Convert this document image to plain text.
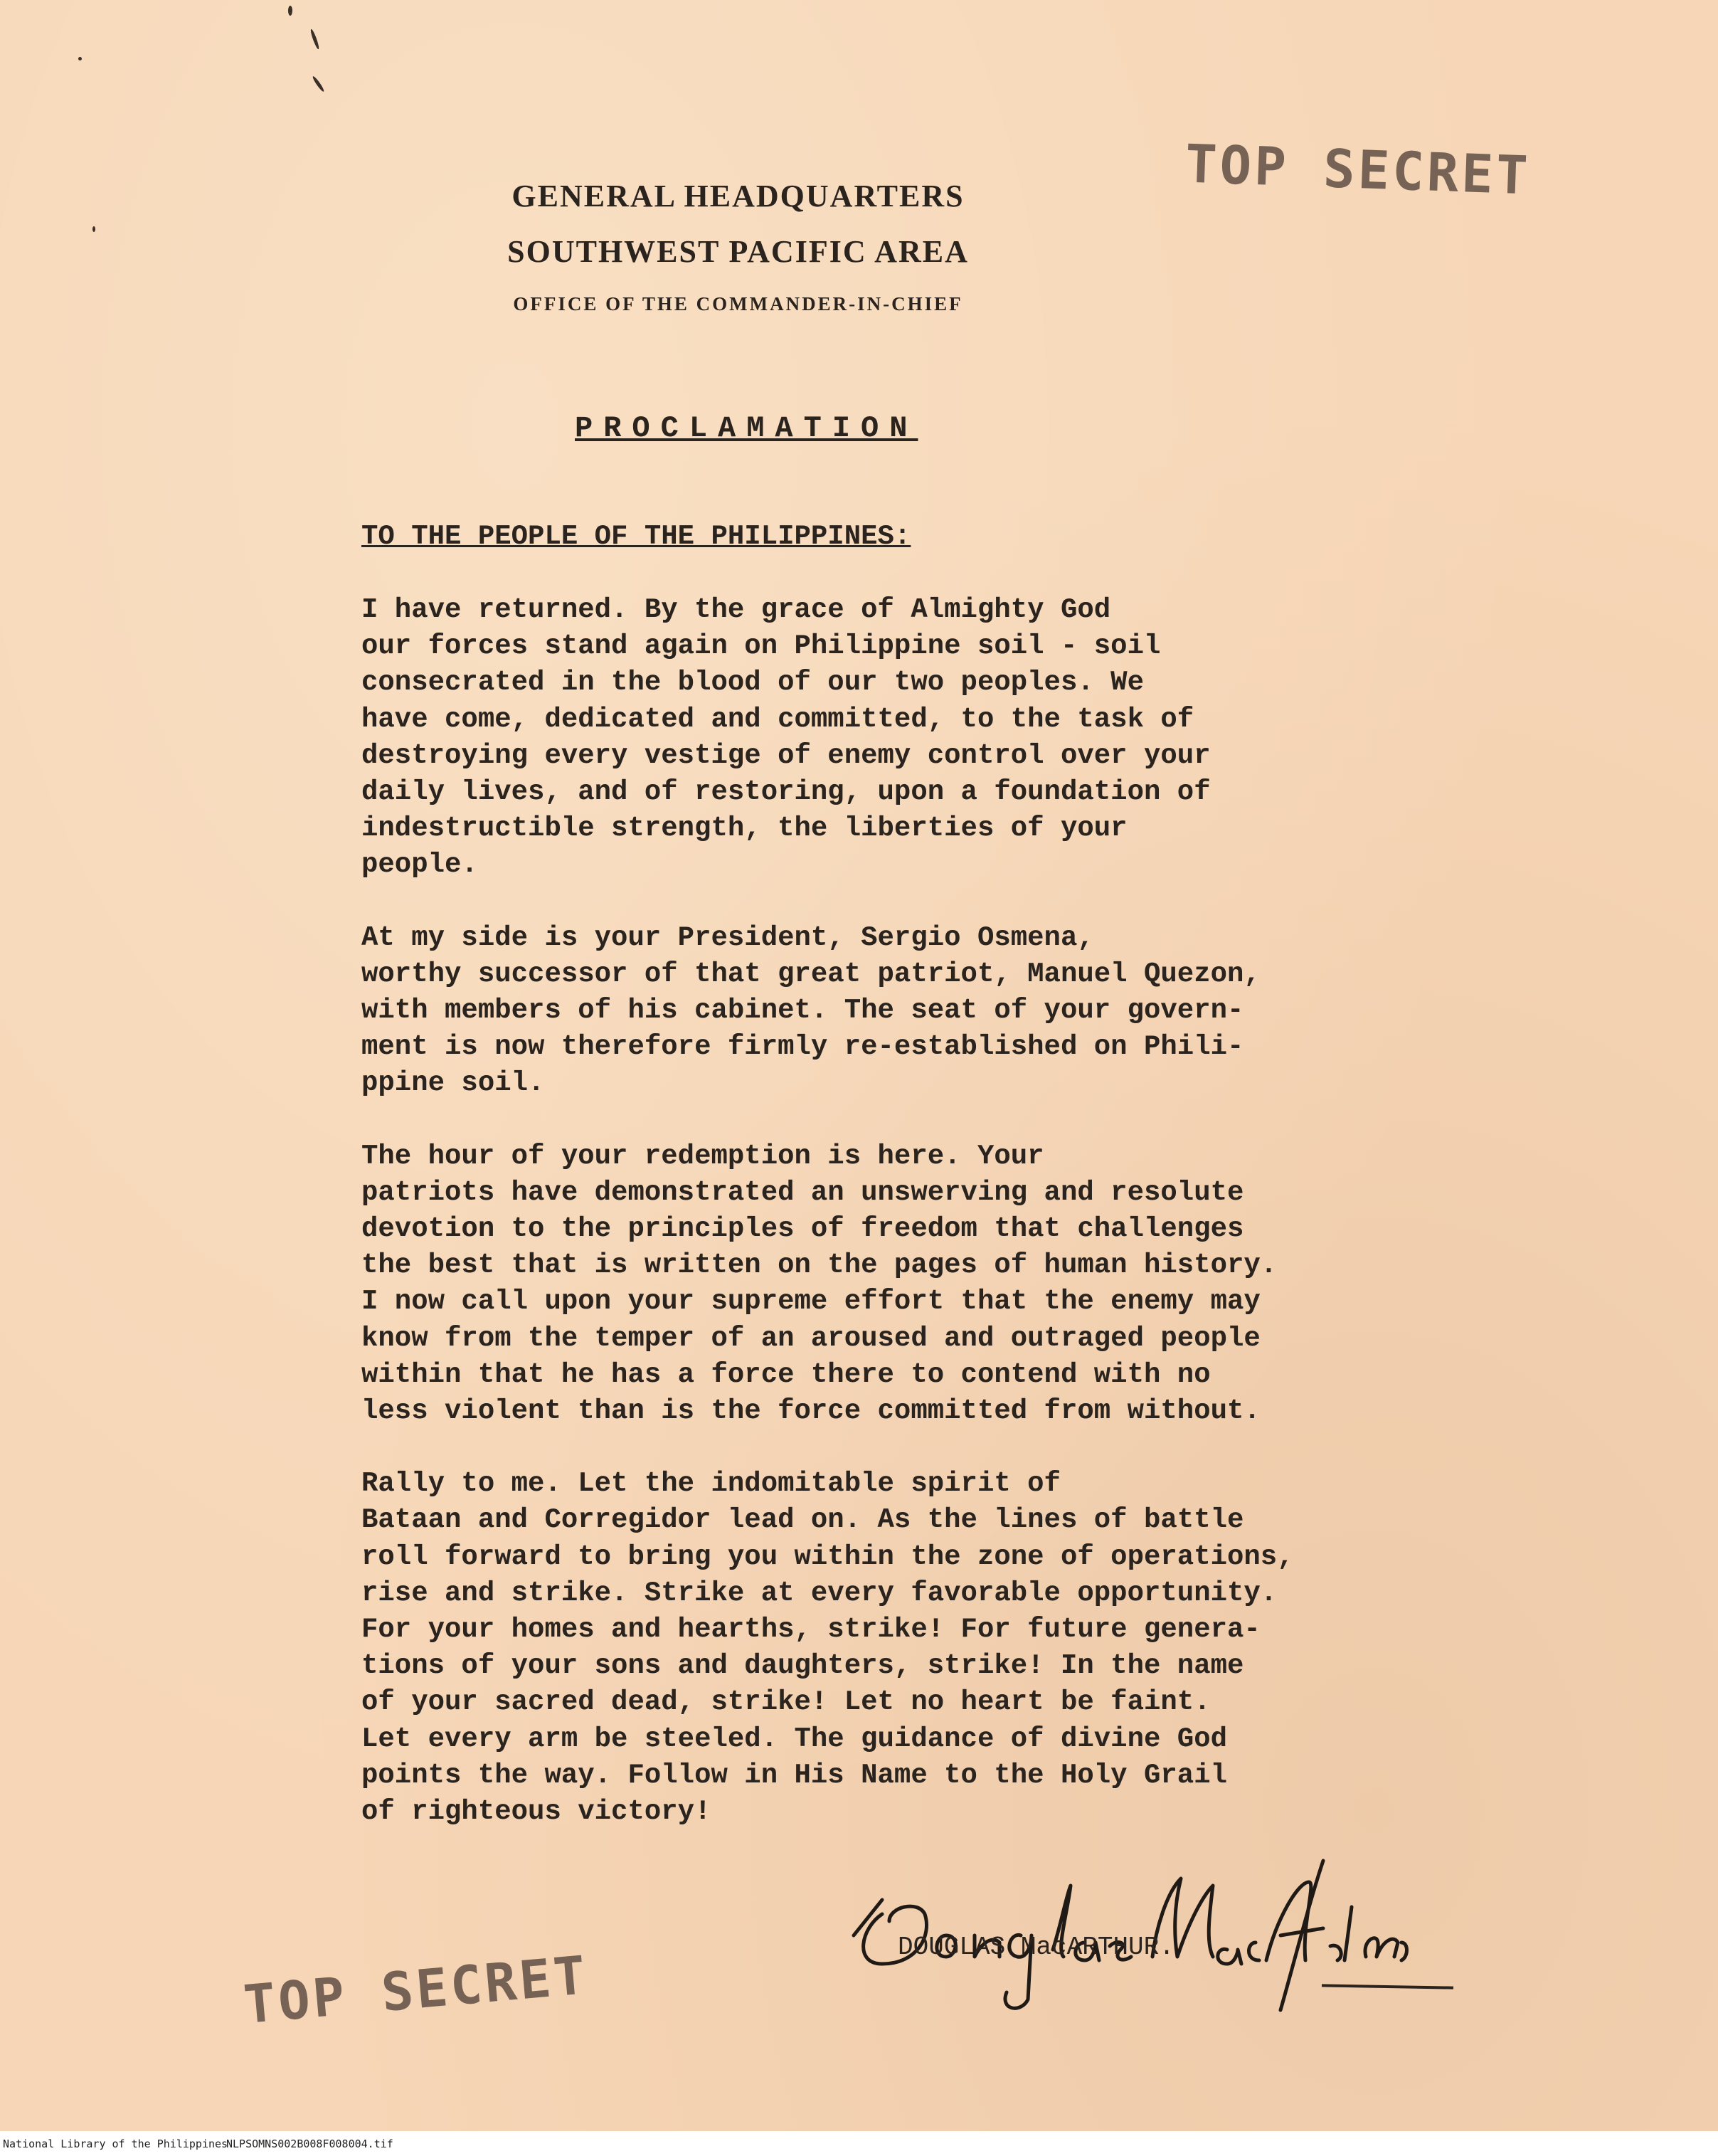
TOP SECRET
GENERAL HEADQUARTERS
SOUTHWEST PACIFIC AREA
OFFICE OF THE COMMANDER-IN-CHIEF
PROCLAMATION
TO THE PEOPLE OF THE PHILIPPINES:

I have returned. By the grace of Almighty God
our forces stand again on Philippine soil - soil
consecrated in the blood of our two peoples. We
have come, dedicated and committed, to the task of
destroying every vestige of enemy control over your
daily lives, and of restoring, upon a foundation of
indestructible strength, the liberties of your
people.

At my side is your President, Sergio Osmena,
worthy successor of that great patriot, Manuel Quezon,
with members of his cabinet. The seat of your govern-
ment is now therefore firmly re-established on Phili-
ppine soil.

The hour of your redemption is here. Your
patriots have demonstrated an unswerving and resolute
devotion to the principles of freedom that challenges
the best that is written on the pages of human history.
I now call upon your supreme effort that the enemy may
know from the temper of an aroused and outraged people
within that he has a force there to contend with no
less violent than is the force committed from without.

Rally to me. Let the indomitable spirit of
Bataan and Corregidor lead on. As the lines of battle
roll forward to bring you within the zone of operations,
rise and strike. Strike at every favorable opportunity.
For your homes and hearths, strike! For future genera-
tions of your sons and daughters, strike! In the name
of your sacred dead, strike! Let no heart be faint.
Let every arm be steeled. The guidance of divine God
points the way. Follow in His Name to the Holy Grail
of righteous victory!

DOUGLAS MacARTHUR.
TOP SECRET
National Library of the Philippines
NLPSOMNS002B008F008004.tif
